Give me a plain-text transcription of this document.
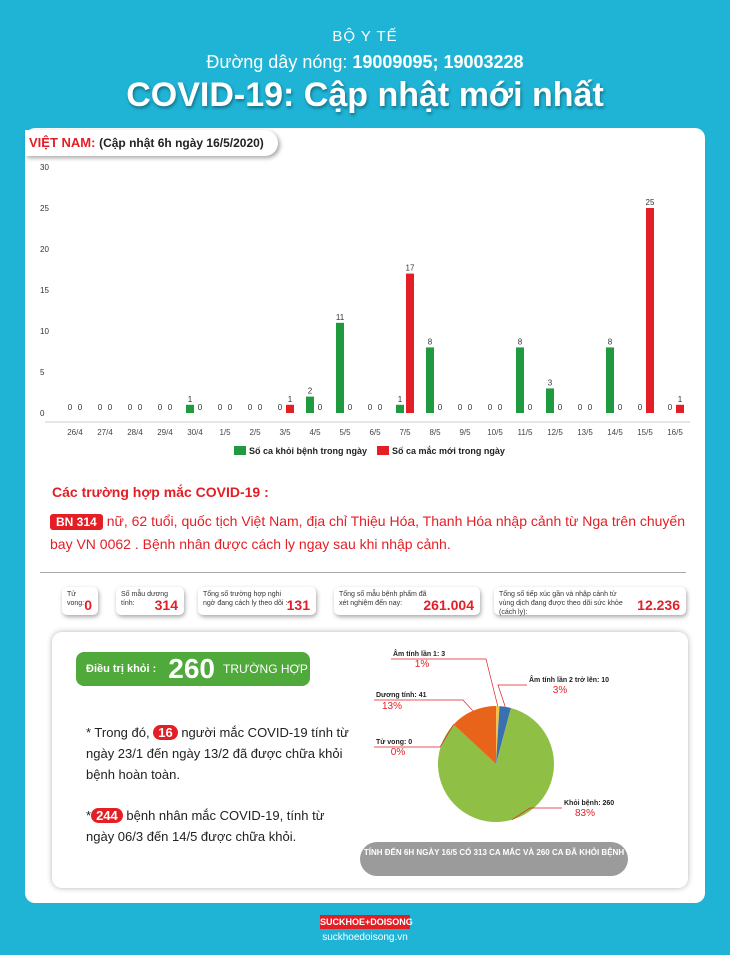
BỘ Y TẾ
Đường dây nóng: 19009095; 19003228
COVID-19: Cập nhật mới nhất
VIỆT NAM: (Cập nhật 6h ngày 16/5/2020)
0
5
10
15
20
25
30
26/4 27/4 28/4 29/4 30/4 1/5 2/5 3/5 4/5 5/5 6/5 7/5 8/5 9/5 10/5 11/5 12/5 13/5 14/5 15/5 16/5
0	0	0	0
1
0	0	0
2
11
0
1
8
0	0
8
3
0
8
0	0
0	0	0	0	0	0	0
1
0	0	0
17
0	0	0	0	0	0	0
25
1
Số ca khỏi bệnh trong ngày	Số ca mắc mới trong ngày
Các trường hợp mắc COVID-19 :
BN 314 nữ, 62 tuổi, quốc tịch Việt Nam, địa chỉ Thiệu Hóa, Thanh Hóa nhập cảnh từ Nga trên chuyến bay VN 0062 . Bệnh nhân được cách ly ngay sau khi nhập cảnh.
Tử vong: 0
Số mẫu dương tính:	314
Tổng số trường hợp nghi ngờ đang cách ly theo dõi : 131
Tổng số mẫu bệnh phẩm đã xét nghiệm đến nay:	261.004
Tổng số tiếp xúc gần và nhập cảnh từ vùng dịch đang được theo dõi sức khỏe (cách ly):	12.236
Điều trị khỏi : 260 TRƯỜNG HỢP
* Trong đó, 16 người mắc COVID-19 tính từ ngày 23/1 đến ngày 13/2 đã được chữa khỏi bệnh hoàn toàn.
* 244 bệnh nhân mắc COVID-19, tính từ ngày 06/3 đến 14/5 được chữa khỏi.
Âm tính lần 1: 3
1%
Âm tính lần 2 trở lên: 10
3%
Khỏi bệnh: 260
83%
Tử vong: 0
0%
Dương tính: 41
13%
TÍNH ĐẾN 6H NGÀY 16/5 CÓ 313 CA MẮC VÀ 260 CA ĐÃ KHỎI BỆNH
SUCKHOE+DOISONG
suckhoedoisong.vn
